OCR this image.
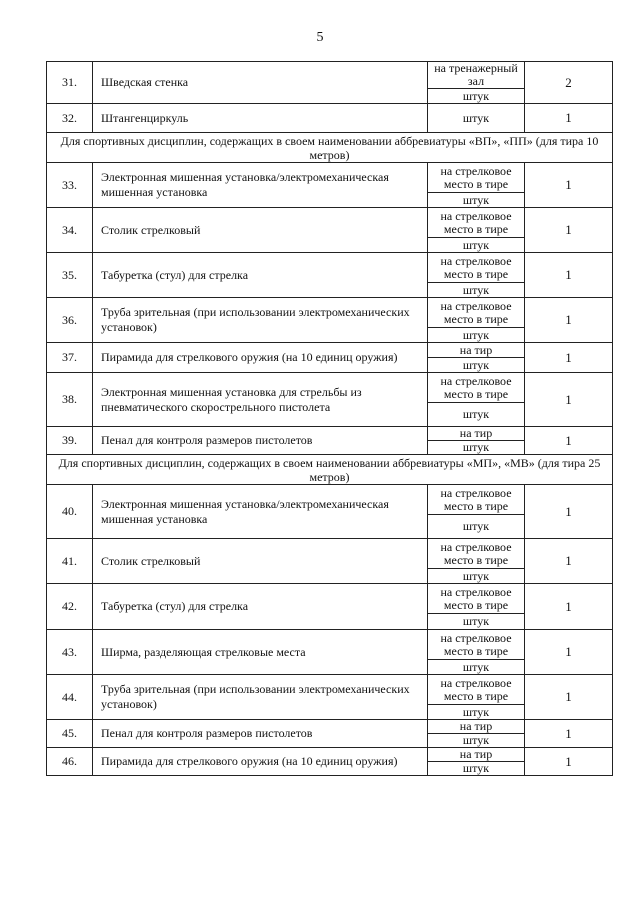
5
31.	Шведская стенка	на тренажерный зал	2
		штук	
32.	Штангенциркуль	штук	1
Для спортивных дисциплин, содержащих в своем наименовании аббревиатуры «ВП», «ПП» (для тира 10 метров)			
33.	Электронная мишенная установка/электромеханическая мишенная установка	на стрелковое место в тире	1
		штук	
34.	Столик стрелковый	на стрелковое место в тире	1
		штук	
35.	Табуретка (стул) для стрелка	на стрелковое место в тире	1
		штук	
36.	Труба зрительная (при использовании электромеханических установок)	на стрелковое место в тире	1
		штук	
37.	Пирамида для стрелкового оружия (на 10 единиц оружия)	на тир	1
		штук	
38.	Электронная мишенная установка для стрельбы из пневматического скорострельного пистолета	на стрелковое место в тире	1
		штук	
39.	Пенал для контроля размеров пистолетов	на тир	1
		штук	
Для спортивных дисциплин, содержащих в своем наименовании аббревиатуры «МП», «МВ» (для тира 25 метров)			
40.	Электронная мишенная установка/электромеханическая мишенная установка	на стрелковое место в тире	1
		штук	
41.	Столик стрелковый	на стрелковое место в тире	1
		штук	
42.	Табуретка (стул) для стрелка	на стрелковое место в тире	1
		штук	
43.	Ширма, разделяющая стрелковые места	на стрелковое место в тире	1
		штук	
44.	Труба зрительная (при использовании электромеханических установок)	на стрелковое место в тире	1
		штук	
45.	Пенал для контроля размеров пистолетов	на тир	1
		штук	
46.	Пирамида для стрелкового оружия (на 10 единиц оружия)	на тир	1
		штук	
